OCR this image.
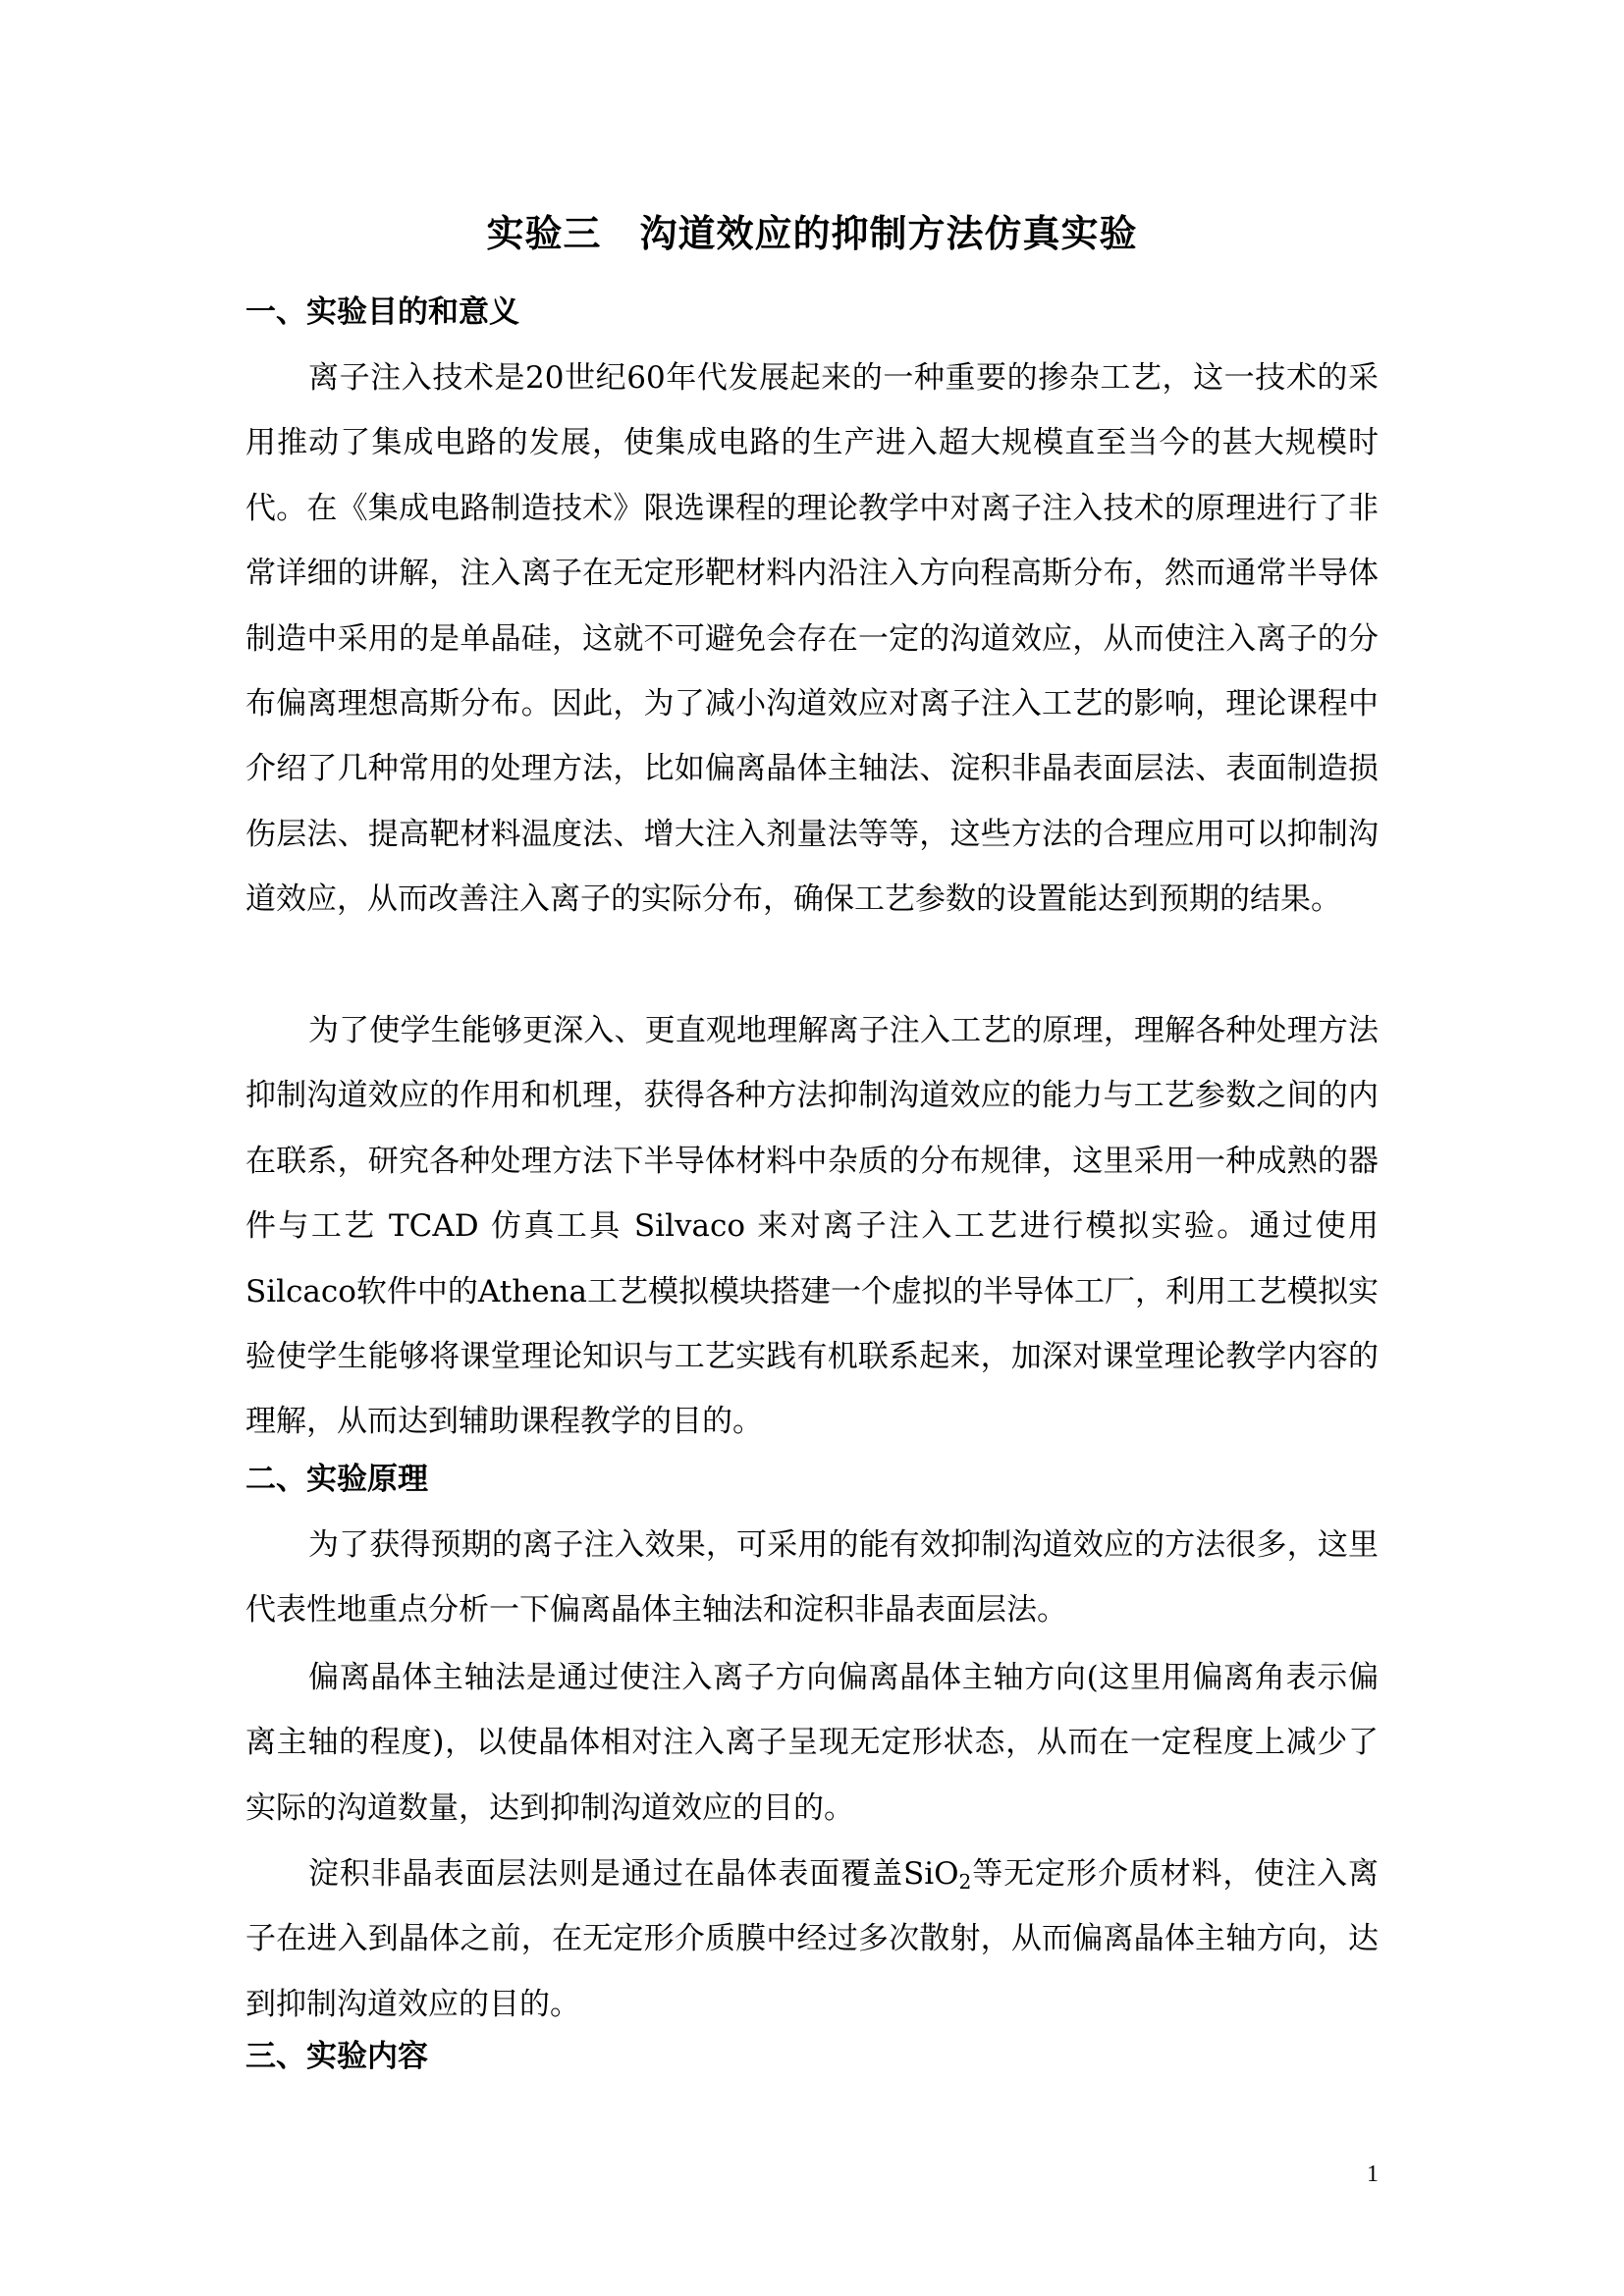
实验三　沟道效应的抑制方法仿真实验
一、实验目的和意义

离子注入技术是20世纪60年代发展起来的一种重要的掺杂工艺，这一技术的采用推动了集成电路的发展，使集成电路的生产进入超大规模直至当今的甚大规模时代。在《集成电路制造技术》限选课程的理论教学中对离子注入技术的原理进行了非常详细的讲解，注入离子在无定形靶材料内沿注入方向程高斯分布，然而通常半导体制造中采用的是单晶硅，这就不可避免会存在一定的沟道效应，从而使注入离子的分布偏离理想高斯分布。因此，为了减小沟道效应对离子注入工艺的影响，理论课程中介绍了几种常用的处理方法，比如偏离晶体主轴法、淀积非晶表面层法、表面制造损伤层法、提高靶材料温度法、增大注入剂量法等等，这些方法的合理应用可以抑制沟道效应，从而改善注入离子的实际分布，确保工艺参数的设置能达到预期的结果。

为了使学生能够更深入、更直观地理解离子注入工艺的原理，理解各种处理方法抑制沟道效应的作用和机理，获得各种方法抑制沟道效应的能力与工艺参数之间的内在联系，研究各种处理方法下半导体材料中杂质的分布规律，这里采用一种成熟的器件与工艺 TCAD 仿真工具 Silvaco 来对离子注入工艺进行模拟实验。通过使用Silcaco软件中的Athena工艺模拟模块搭建一个虚拟的半导体工厂，利用工艺模拟实验使学生能够将课堂理论知识与工艺实践有机联系起来，加深对课堂理论教学内容的理解，从而达到辅助课程教学的目的。

二、实验原理

为了获得预期的离子注入效果，可采用的能有效抑制沟道效应的方法很多，这里代表性地重点分析一下偏离晶体主轴法和淀积非晶表面层法。

偏离晶体主轴法是通过使注入离子方向偏离晶体主轴方向(这里用偏离角表示偏离主轴的程度)，以使晶体相对注入离子呈现无定形状态，从而在一定程度上减少了实际的沟道数量，达到抑制沟道效应的目的。

淀积非晶表面层法则是通过在晶体表面覆盖SiO$_2$等无定形介质材料，使注入离子在进入到晶体之前，在无定形介质膜中经过多次散射，从而偏离晶体主轴方向，达到抑制沟道效应的目的。

三、实验内容
1
